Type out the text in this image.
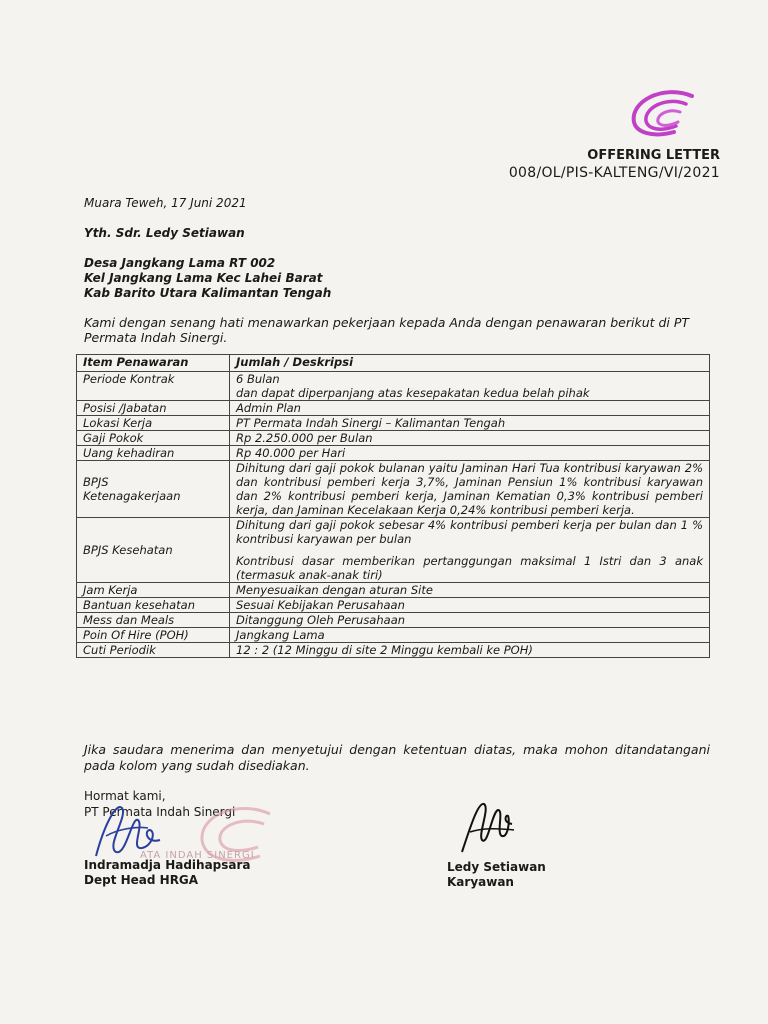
OFFERING LETTER
008/OL/PIS-KALTENG/VI/2021
Muara Teweh, 17 Juni 2021
Yth. Sdr. Ledy Setiawan
Desa Jangkang Lama RT 002
Kel Jangkang Lama Kec Lahei Barat
Kab Barito Utara Kalimantan Tengah
Kami dengan senang hati menawarkan pekerjaan kepada Anda dengan penawaran berikut di PT Permata Indah Sinergi.
Item Penawaran	Jumlah / Deskripsi
Periode Kontrak	6 Bulan
dan dapat diperpanjang atas kesepakatan kedua belah pihak

Posisi /Jabatan	Admin Plan
Lokasi Kerja	PT Permata Indah Sinergi – Kalimantan Tengah
Gaji Pokok	Rp 2.250.000 per Bulan
Uang kehadiran	Rp 40.000 per Hari

BPJS
Ketenagakerjaan	Dihitung dari gaji pokok bulanan yaitu Jaminan Hari Tua kontribusi karyawan 2% dan kontribusi pemberi kerja 3,7%, Jaminan Pensiun 1% kontribusi karyawan dan 2% kontribusi pemberi kerja, Jaminan Kematian 0,3% kontribusi pemberi kerja, dan Jaminan Kecelakaan Kerja 0,24% kontribusi pemberi kerja.
BPJS Kesehatan	Dihitung dari gaji pokok sebesar 4% kontribusi pemberi kerja per bulan dan 1 % kontribusi karyawan per bulan
Kontribusi dasar memberikan pertanggungan maksimal 1 Istri dan 3 anak (termasuk anak-anak tiri)

Jam Kerja	Menyesuaikan dengan aturan Site
Bantuan kesehatan	Sesuai Kebijakan Perusahaan
Mess dan Meals	Ditanggung Oleh Perusahaan
Poin Of Hire (POH)	Jangkang Lama
Cuti Periodik	12 : 2 (12 Minggu di site 2 Minggu kembali ke POH)
Jika saudara menerima dan menyetujui dengan ketentuan diatas, maka mohon ditandatangani pada kolom yang sudah disediakan.
Hormat kami,
PT Permata Indah Sinergi
ATA INDAH SINERGI
Indramadja Hadihapsara
Dept Head HRGA
Ledy Setiawan
Karyawan
